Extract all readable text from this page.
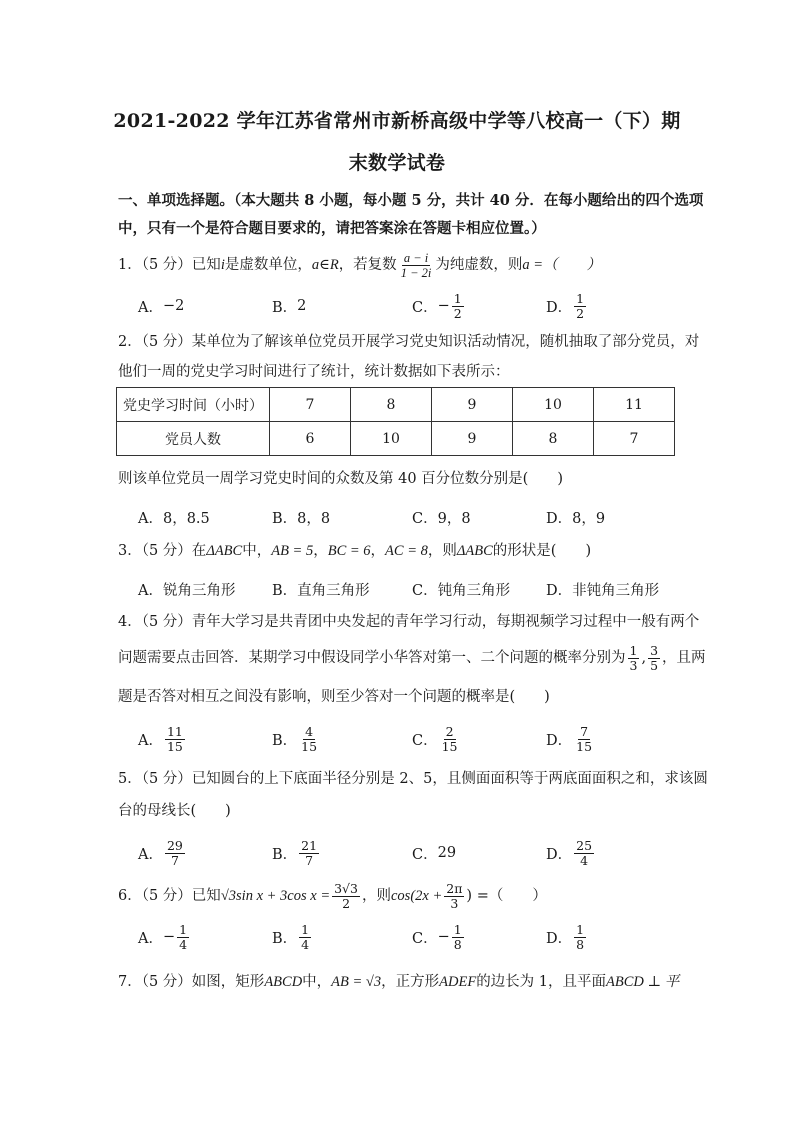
2021-2022 学年江苏省常州市新桥高级中学等八校高一（下）期
末数学试卷
一、单项选择题。（本大题共 8 小题，每小题 5 分，共计 40 分．在每小题给出的四个选项
中，只有一个是符合题目要求的，请把答案涂在答题卡相应位置。）
1．（5 分）已知 i 是虚数单位， a∈R ，若复数 $\frac{a - i}{1 - 2i}$ 为纯虚数，则 a =（　　）
A． −2	B． 2	C． − $\frac{1}{2}$	D． $\frac{1}{2}$
2．（5 分）某单位为了解该单位党员开展学习党史知识活动情况，随机抽取了部分党员，对
他们一周的党史学习时间进行了统计，统计数据如下表所示：
党史学习时间（小时）	7	8	9	10	11
党员人数	6	10	9	8	7
则该单位党员一周学习党史时间的众数及第 40 百分位数分别是(　　)
A． 8，8.5	B． 8，8	C． 9，8	D． 8，9
3．（5 分）在ΔABC中，AB = 5，BC = 6，AC = 8，则ΔABC的形状是(　　)
A． 锐角三角形	B． 直角三角形	C． 钝角三角形 D． 非钝角三角形
4．（5 分）青年大学习是共青团中央发起的青年学习行动，每期视频学习过程中一般有两个
问题需要点击回答．某期学习中假设同学小华答对第一、二个问题的概率分别为 $\frac{1}{3}$ , $\frac{3}{5}$ ，且两
题是否答对相互之间没有影响，则至少答对一个问题的概率是(　　)
A． $\frac{11}{15}$	B． $\frac{4}{15}$	C． $\frac{2}{15}$	D． $\frac{7}{15}$
5．（5 分）已知圆台的上下底面半径分别是 2、5，且侧面面积等于两底面面积之和，求该圆
台的母线长(　　)
A． $\frac{29}{7}$	B． $\frac{21}{7}$	C． 29	D． $\frac{25}{4}$
6．（5 分）已知 √3 sin x + 3cos $x = \frac{3√3}{2}$ ，则 $\cos(2x + \frac{2\pi}{3}$ ) =（　　）
A． − $\frac{1}{4}$	B． $\frac{1}{4}$	C． − $\frac{1}{8}$	D． $\frac{1}{8}$
7．（5 分）如图，矩形ABCD中，AB = √3，正方形ADEF的边长为 1，且平面ABCD ⊥ 平
